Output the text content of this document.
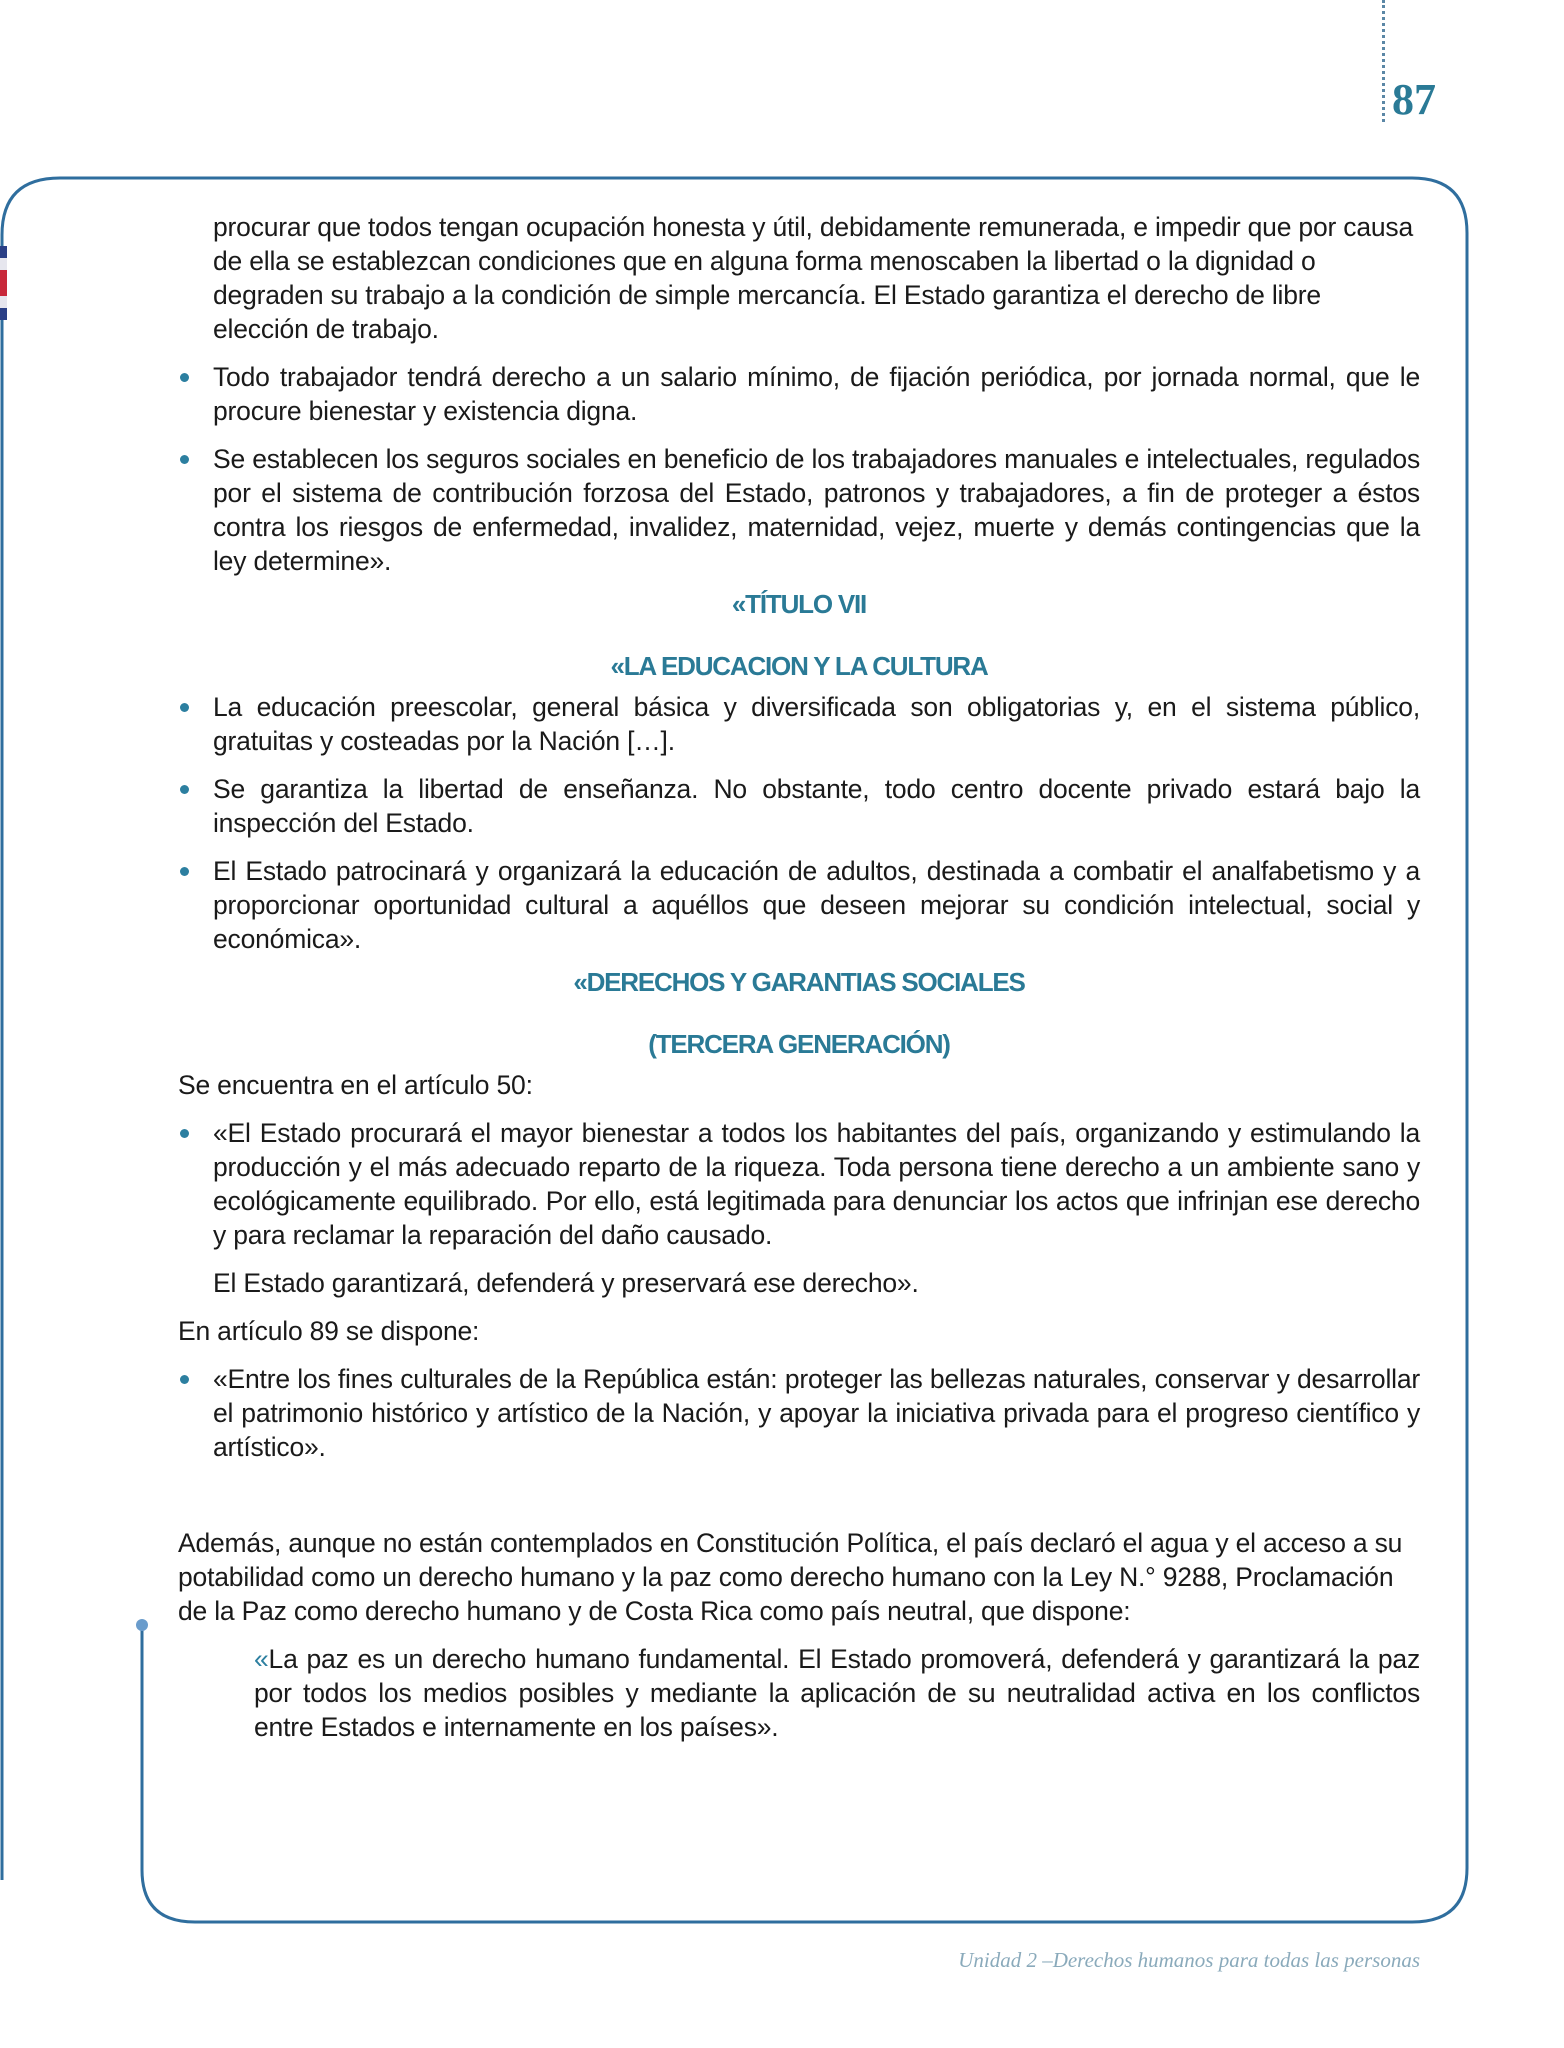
87

procurar que todos tengan ocupación honesta y útil, debidamente remunerada, e impedir que por causa de ella se establezcan condiciones que en alguna forma menoscaben la libertad o la dignidad o degraden su trabajo a la condición de simple mercancía. El Estado garantiza el derecho de libre elección de trabajo.

Todo trabajador tendrá derecho a un salario mínimo, de fijación periódica, por jornada normal, que le procure bienestar y existencia digna.
Se establecen los seguros sociales en beneficio de los trabajadores manuales e intelectuales, regulados por el sistema de contribución forzosa del Estado, patronos y trabajadores, a fin de proteger a éstos contra los riesgos de enfermedad, invalidez, maternidad, vejez, muerte y demás contingencias que la ley determine».
«TÍTULO VII
«LA EDUCACION Y LA CULTURA
La educación preescolar, general básica y diversificada son obligatorias y, en el sistema público, gratuitas y costeadas por la Nación […].
Se garantiza la libertad de enseñanza. No obstante, todo centro docente privado estará bajo la inspección del Estado.
El Estado patrocinará y organizará la educación de adultos, destinada a combatir el analfabetismo y a proporcionar oportunidad cultural a aquéllos que deseen mejorar su condición intelectual, social y económica».
«DERECHOS Y GARANTIAS SOCIALES
(TERCERA GENERACIÓN)

Se encuentra en el artículo 50:

«El Estado procurará el mayor bienestar a todos los habitantes del país, organizando y estimulando la producción y el más adecuado reparto de la riqueza. Toda persona tiene derecho a un ambiente sano y ecológicamente equilibrado. Por ello, está legitimada para denunciar los actos que infrinjan ese derecho y para reclamar la reparación del daño causado.

El Estado garantizará, defenderá y preservará ese derecho».

En artículo 89 se dispone:

«Entre los fines culturales de la República están: proteger las bellezas naturales, conservar y desarrollar el patrimonio histórico y artístico de la Nación, y apoyar la iniciativa privada para el progreso científico y artístico».

Además, aunque no están contemplados en Constitución Política, el país declaró el agua y el acceso a su potabilidad como un derecho humano y la paz como derecho humano con la Ley N.° 9288, Proclamación de la Paz como derecho humano y de Costa Rica como país neutral, que dispone:

«La paz es un derecho humano fundamental. El Estado promoverá, defenderá y garantizará la paz por todos los medios posibles y mediante la aplicación de su neutralidad activa en los conflictos entre Estados e internamente en los países».

Unidad 2 –Derechos humanos para todas las personas
